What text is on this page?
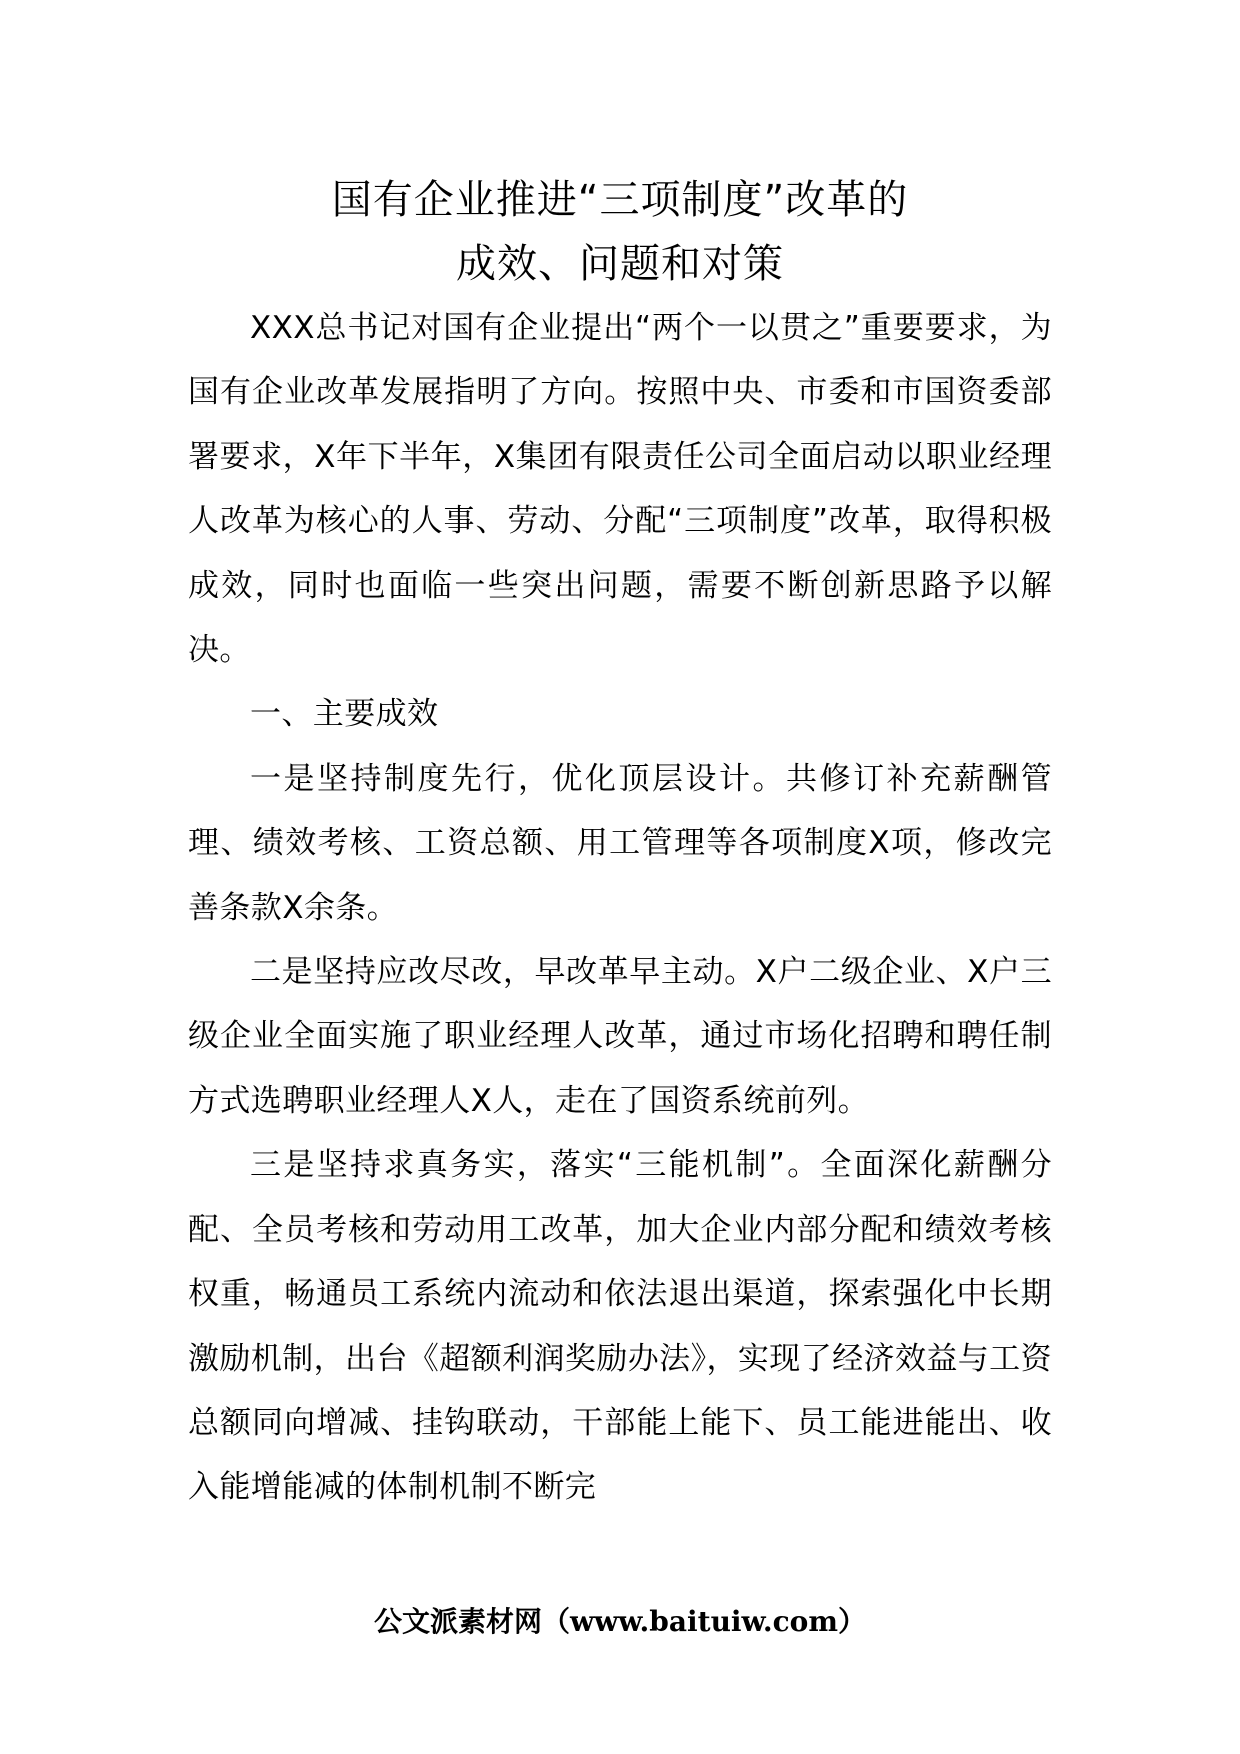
国有企业推进“三项制度”改革的
成效、问题和对策

XXX总书记对国有企业提出“两个一以贯之”重要要求，为国有企业改革发展指明了方向。按照中央、市委和市国资委部署要求，X年下半年，X集团有限责任公司全面启动以职业经理人改革为核心的人事、劳动、分配“三项制度”改革，取得积极成效，同时也面临一些突出问题，需要不断创新思路予以解决。

一、主要成效

一是坚持制度先行，优化顶层设计。共修订补充薪酬管理、绩效考核、工资总额、用工管理等各项制度X项，修改完善条款X余条。

二是坚持应改尽改，早改革早主动。X户二级企业、X户三级企业全面实施了职业经理人改革，通过市场化招聘和聘任制方式选聘职业经理人X人，走在了国资系统前列。

三是坚持求真务实，落实“三能机制”。全面深化薪酬分配、全员考核和劳动用工改革，加大企业内部分配和绩效考核权重，畅通员工系统内流动和依法退出渠道，探索强化中长期激励机制，出台《超额利润奖励办法》，实现了经济效益与工资总额同向增减、挂钩联动，干部能上能下、员工能进能出、收入能增能减的体制机制不断完

公文派素材网（www.baituiw.com）
